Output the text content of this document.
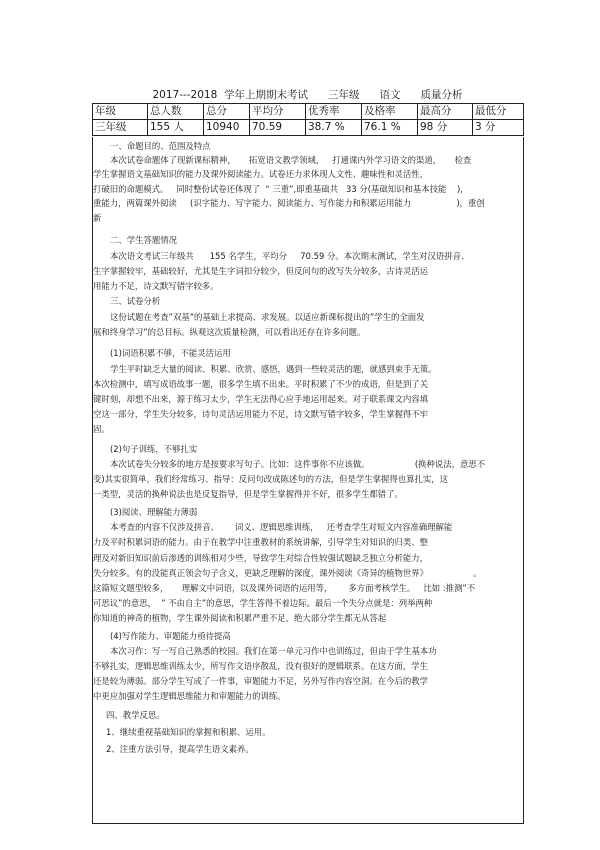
2017---2018  学年上期期末考试      三年级      语文      质量分析
年级	总人数	总分	平均分	优秀率	及格率	最高分	最低分
三年级	155 人	10940	70.59	38.7 %	76.1 %	98 分	3 分
一、命题目的、范围及特点
本次试卷命题体了现新课标精神，     拓宽语文教学领域，   打通课内外学习语文的渠道，     检查
学生掌握语文基础知识的能力及课外阅读能力。试卷还力求体现人文性、趣味性和灵活性，
打破旧的命题模式。   同时整份试卷还体现了  “ 三重”,即重基础共   33 分(基础知识和基本技能    )，
重能力，两篇课外阅读     (识字能力、写字能力、阅读能力、写作能力和积累运用能力                 )，重创
新
二、学生答题情况
本次语文考试三年级共      155 名学生，平均分     70.59 分。本次期末测试，学生对汉语拼音、
生字掌握较牢，基础较好，尤其是生字词扣分较少，但反问句的改写失分较多，古诗灵活运
用能力不足，诗文默写错字较多。
三、试卷分析
这份试题在考查”双基”的基础上求提高、求发展。以适应新课标提出的”学生的全面发
展和终身学习”的总目标。纵观这次质量检测，可以看出还存在许多问题。
(1)词语积累不够，不能灵活运用
学生平时缺乏大量的阅读、积累、欣赏、感悟，遇到一些较灵活的题，就感到束手无策。
本次检测中，填写成语故事一题，很多学生填不出来。平时积累了不少的成语，但是到了关
键时刻，却想不出来，源于练习太少，学生无法得心应手地运用起来。对于联系课文内容填
空这一部分，学生失分较多，诗句灵活运用能力不足，诗文默写错字较多，学生掌握得不牢
固。
(2)句子训练，不够扎实
本次试卷失分较多的地方是按要求写句子。比如：这件事你不应该做。                 (换种说法，意思不
变)其实很简单，我们经常练习、指导：反问句改成陈述句的方法，但是学生掌握得也算扎实，这
一类型，灵活的换种说法也是反复指导，但是学生掌握得并不好，很多学生都错了。
(3)阅读、理解能力薄弱
本考查的内容不仅涉及拼音、      词义、逻辑思维训练，   还考查学生对短文内容准确理解能
力及平时积累词语的能力。由于在教学中注重教材的系统讲解，引导学生对知识的归类、整
理及对新旧知识前后渗透的训练相对少些，导致学生对综合性较强试题缺乏独立分析能力，
失分较多。有的没能真正领会句子含义，更缺乏理解的深度，课外阅读《奇异的植物世界》                 。
这篇短文题型较多，     理解文中词语，以及课外词语的运用等，      多方面考核学生。   比如 :推测”不
可思议”的意思，  ” 不由自主”的意思，学生答得不着边际。最后一个失分点就是：列举两种
你知道的神奇的植物，学生课外阅读和积累严重不足，绝大部分学生都无从答起
(4)写作能力、审题能力亟待提高
本次习作：写一写自己熟悉的校园。我们在第一单元习作中也训练过，但由于学生基本功
不够扎实，逻辑思维训练太少，所写作文语序散乱，没有很好的逻辑联系。在这方面，学生
还是较为薄弱。部分学生写成了一件事，审题能力不足，另外写作内容空洞。在今后的教学
中更应加强对学生逻辑思维能力和审题能力的训练。
四、教学反思。
1、继续重视基础知识的掌握和积累、运用。
2、注重方法引导，提高学生语文素养。
